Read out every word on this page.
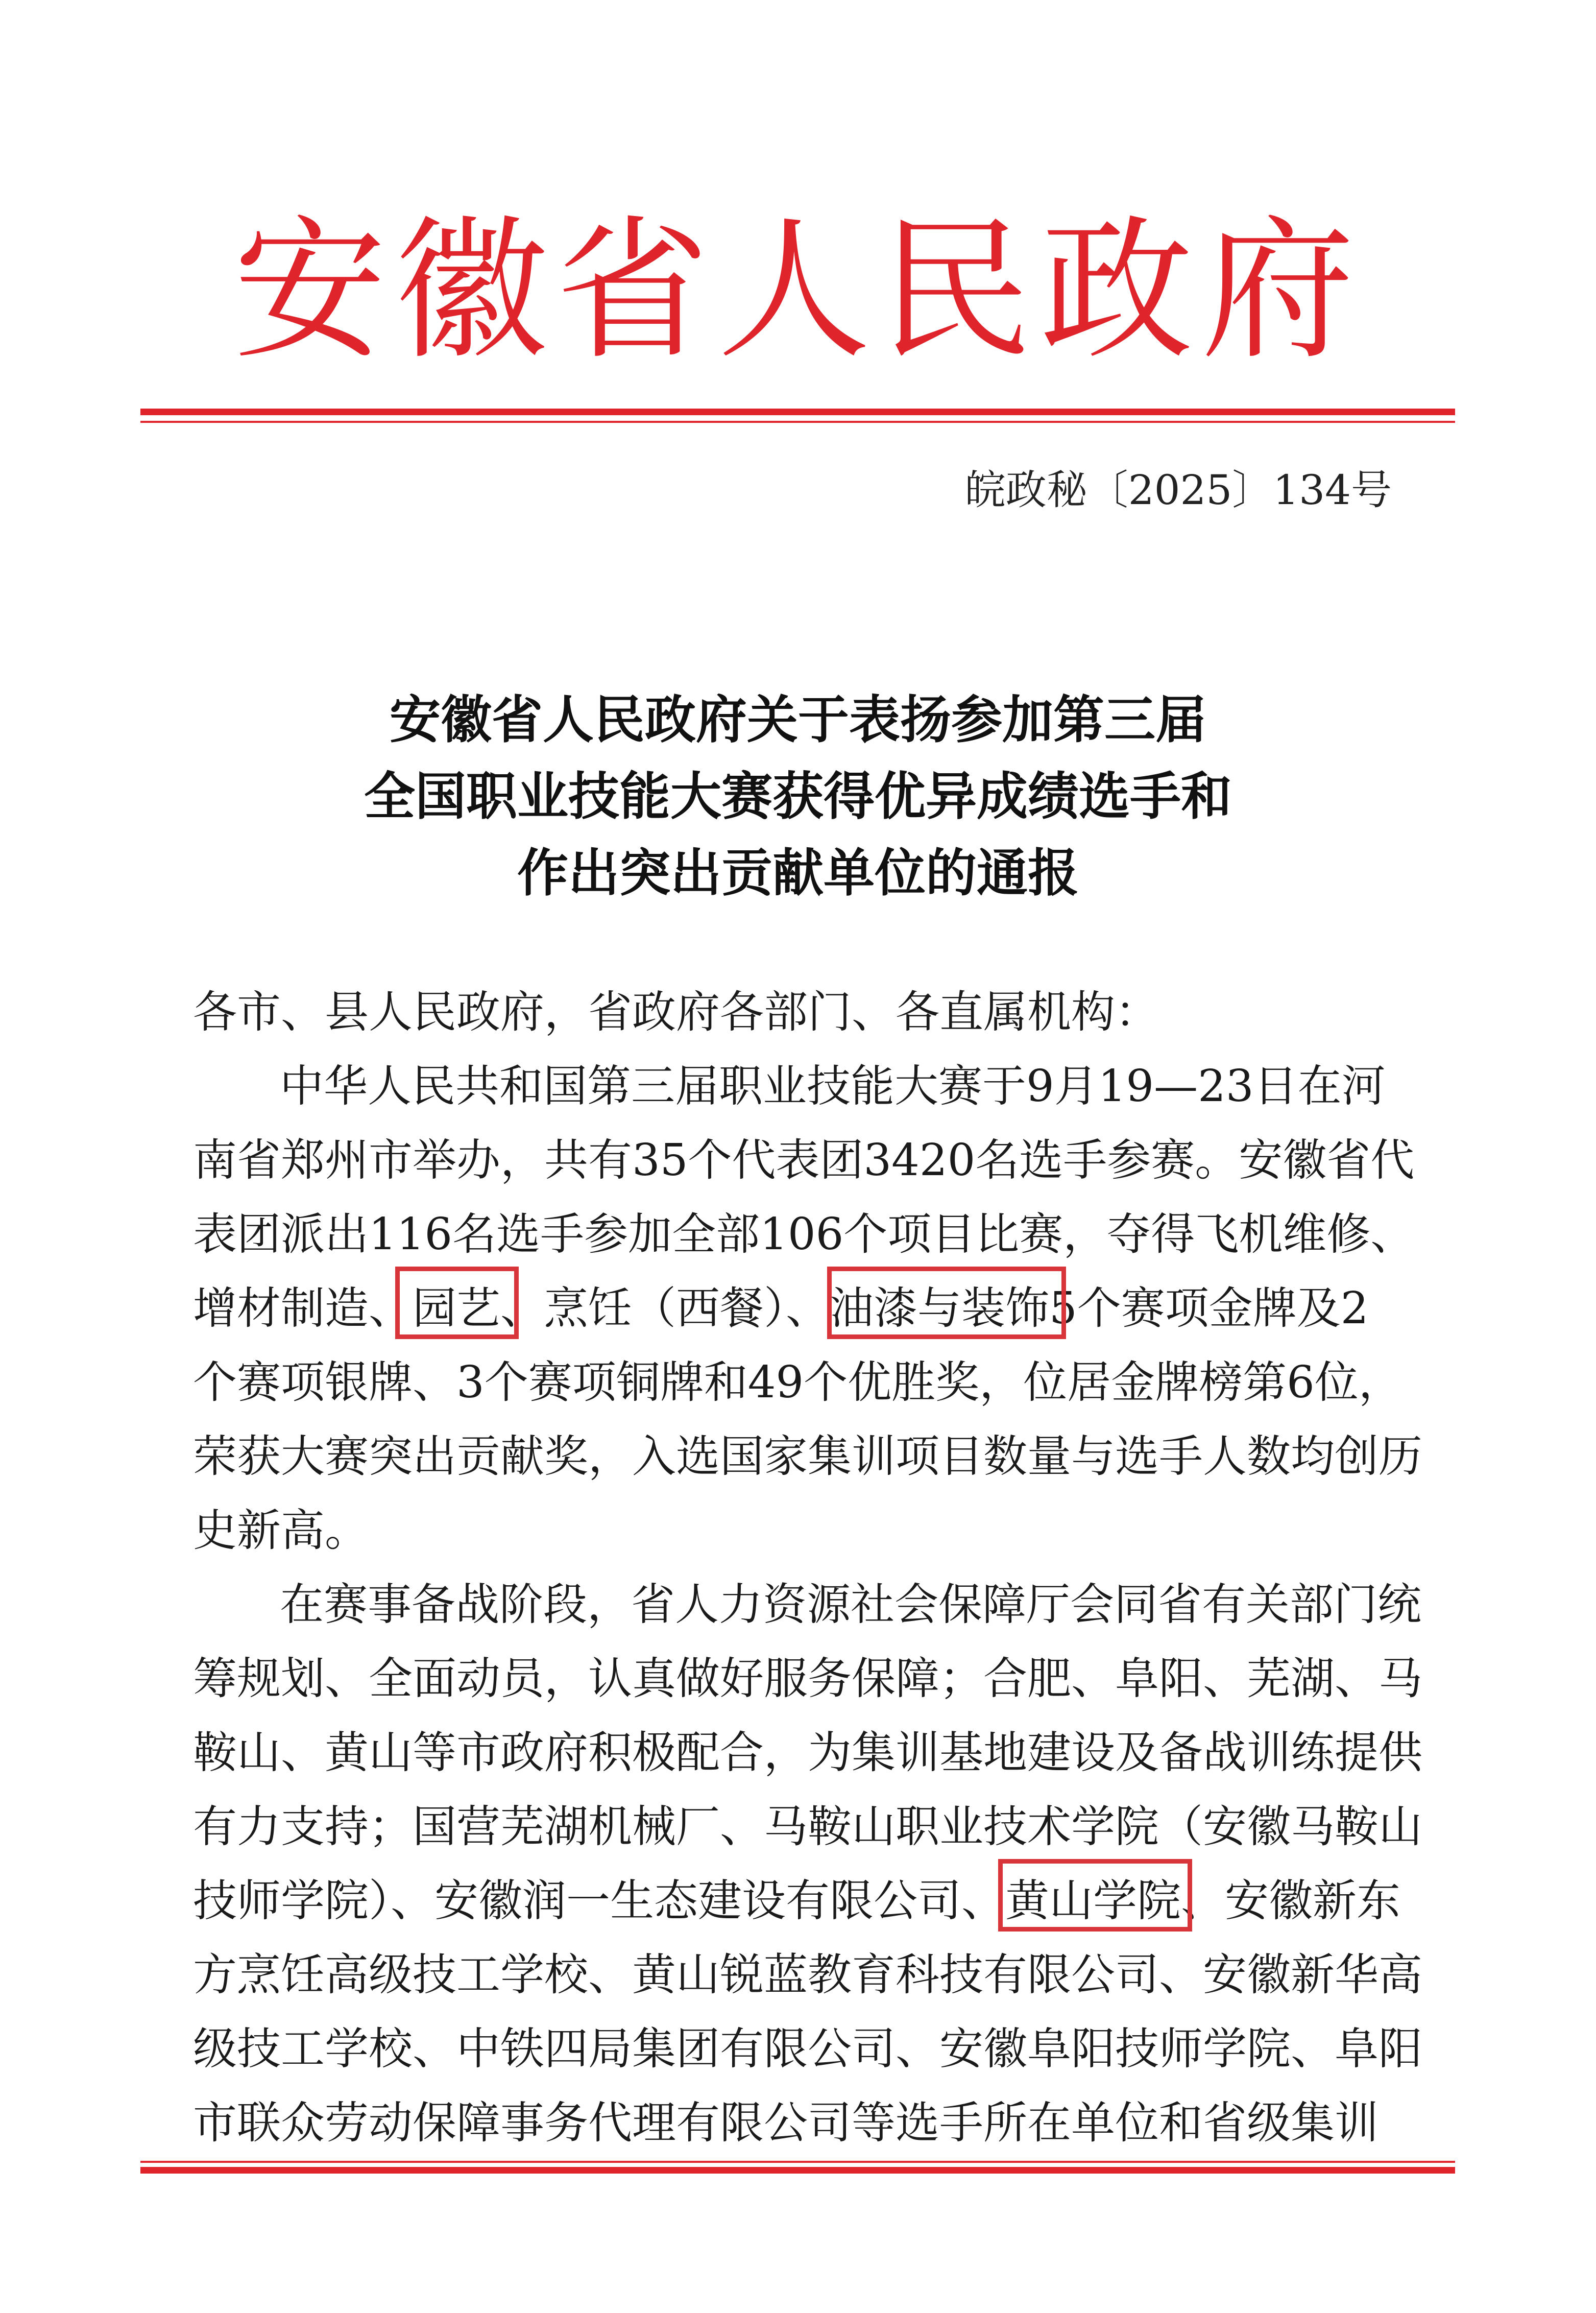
安徽省人民政府
皖政秘〔2025〕134号
安徽省人民政府关于表扬参加第三届
全国职业技能大赛获得优异成绩选手和
作出突出贡献单位的通报
各市、县人民政府，省政府各部门、各直属机构：
中华人民共和国第三届职业技能大赛于9月19—23日在河
南省郑州市举办，共有35个代表团3420名选手参赛。安徽省代
表团派出116名选手参加全部106个项目比赛，夺得飞机维修、
增材制造、园艺、烹饪（西餐）、油漆与装饰5个赛项金牌及2
个赛项银牌、3个赛项铜牌和49个优胜奖，位居金牌榜第6位，
荣获大赛突出贡献奖，入选国家集训项目数量与选手人数均创历
史新高。
在赛事备战阶段，省人力资源社会保障厅会同省有关部门统
筹规划、全面动员，认真做好服务保障；合肥、阜阳、芜湖、马
鞍山、黄山等市政府积极配合，为集训基地建设及备战训练提供
有力支持；国营芜湖机械厂、马鞍山职业技术学院（安徽马鞍山
技师学院）、安徽润一生态建设有限公司、黄山学院、安徽新东
方烹饪高级技工学校、黄山锐蓝教育科技有限公司、安徽新华高
级技工学校、中铁四局集团有限公司、安徽阜阳技师学院、阜阳
市联众劳动保障事务代理有限公司等选手所在单位和省级集训
